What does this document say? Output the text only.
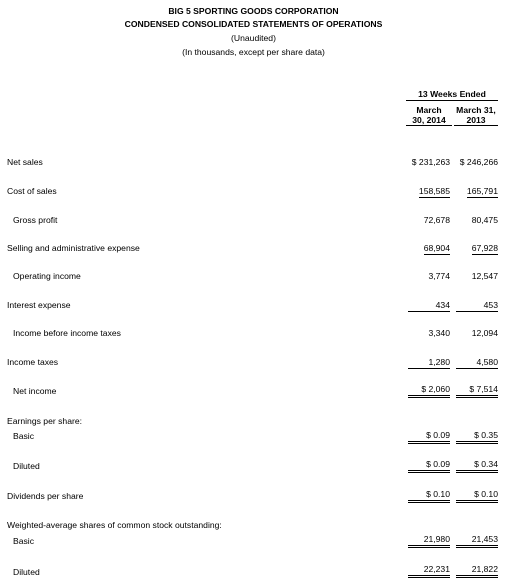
BIG 5 SPORTING GOODS CORPORATION
CONDENSED CONSOLIDATED STATEMENTS OF OPERATIONS
(Unaudited)
(In thousands, except per share data)
13 Weeks Ended
March
30, 2014
March 31,
2013
Net sales	$ 231,263	$ 246,266
Cost of sales	158,585	165,791
Gross profit	72,678	80,475
Selling and administrative expense	68,904	67,928
Operating income	3,774	12,547
Interest expense	434	453
Income before income taxes	3,340	12,094
Income taxes	1,280	4,580
Net income	$ 2,060	$ 7,514
Earnings per share:
Basic	$ 0.09	$ 0.35
Diluted	$ 0.09	$ 0.34
Dividends per share	$ 0.10	$ 0.10
Weighted-average shares of common stock outstanding:
Basic	21,980	21,453
Diluted	22,231	21,822
